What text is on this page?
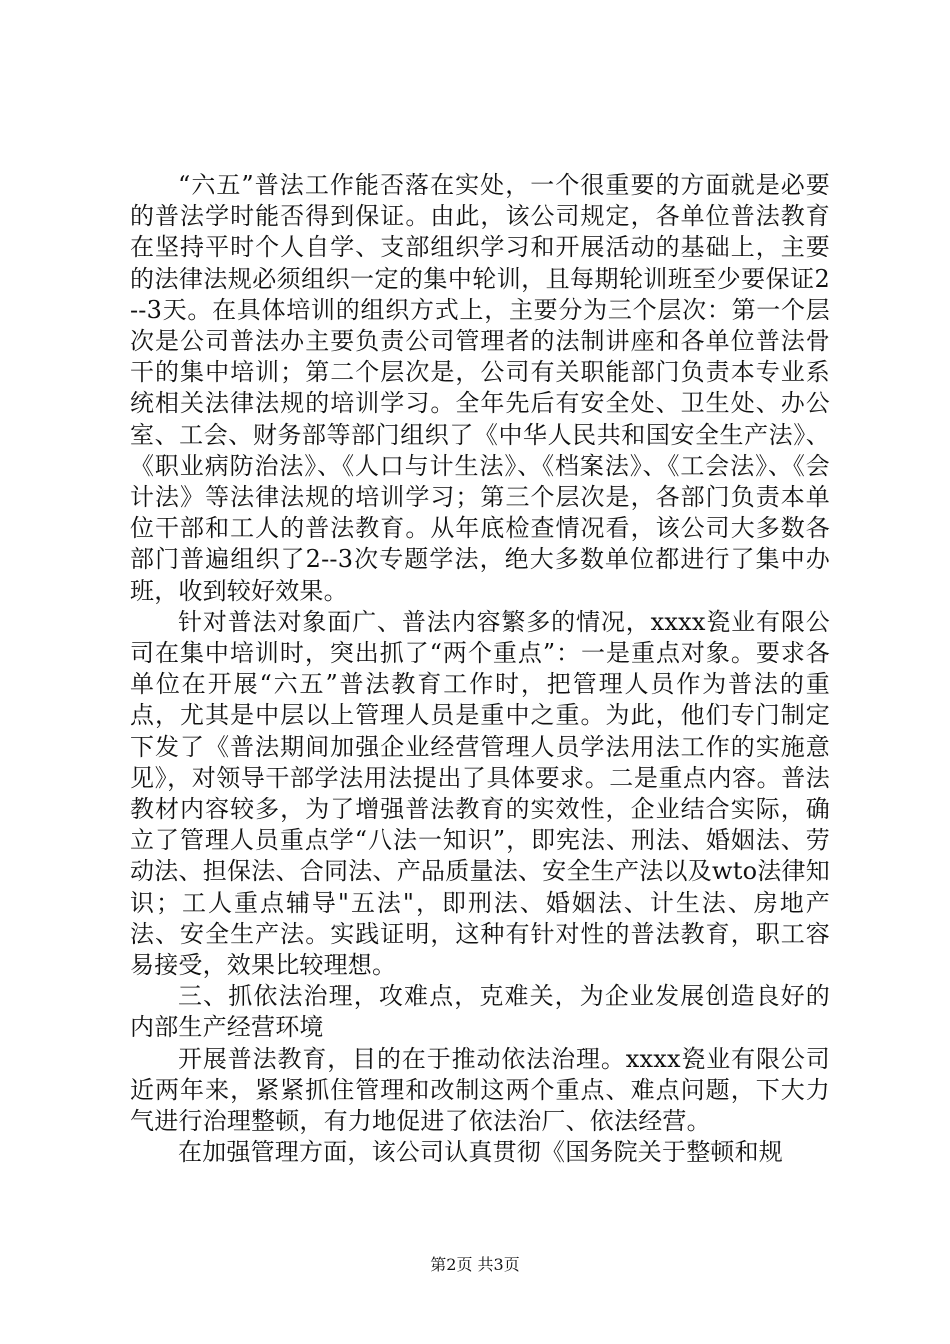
“六五”普法工作能否落在实处，一个很重要的方面就是必要的普法学时能否得到保证。由此，该公司规定，各单位普法教育在坚持平时个人自学、支部组织学习和开展活动的基础上，主要的法律法规必须组织一定的集中轮训，且每期轮训班至少要保证2--3天。在具体培训的组织方式上，主要分为三个层次：第一个层次是公司普法办主要负责公司管理者的法制讲座和各单位普法骨干的集中培训；第二个层次是，公司有关职能部门负责本专业系统相关法律法规的培训学习。全年先后有安全处、卫生处、办公室、工会、财务部等部门组织了《中华人民共和国安全生产法》、《职业病防治法》、《人口与计生法》、《档案法》、《工会法》、《会计法》等法律法规的培训学习；第三个层次是，各部门负责本单位干部和工人的普法教育。从年底检查情况看，该公司大多数各部门普遍组织了2--3次专题学法，绝大多数单位都进行了集中办班，收到较好效果。

针对普法对象面广、普法内容繁多的情况，xxxx瓷业有限公司在集中培训时，突出抓了“两个重点”：一是重点对象。要求各单位在开展“六五”普法教育工作时，把管理人员作为普法的重点，尤其是中层以上管理人员是重中之重。为此，他们专门制定下发了《普法期间加强企业经营管理人员学法用法工作的实施意见》，对领导干部学法用法提出了具体要求。二是重点内容。普法教材内容较多，为了增强普法教育的实效性，企业结合实际，确立了管理人员重点学“八法一知识”，即宪法、刑法、婚姻法、劳动法、担保法、合同法、产品质量法、安全生产法以及wto法律知识；工人重点辅导"五法"，即刑法、婚姻法、计生法、房地产法、安全生产法。实践证明，这种有针对性的普法教育，职工容易接受，效果比较理想。

三、抓依法治理，攻难点，克难关，为企业发展创造良好的内部生产经营环境

开展普法教育，目的在于推动依法治理。xxxx瓷业有限公司近两年来，紧紧抓住管理和改制这两个重点、难点问题，下大力气进行治理整顿，有力地促进了依法治厂、依法经营。

在加强管理方面，该公司认真贯彻《国务院关于整顿和规

第2页 共3页
